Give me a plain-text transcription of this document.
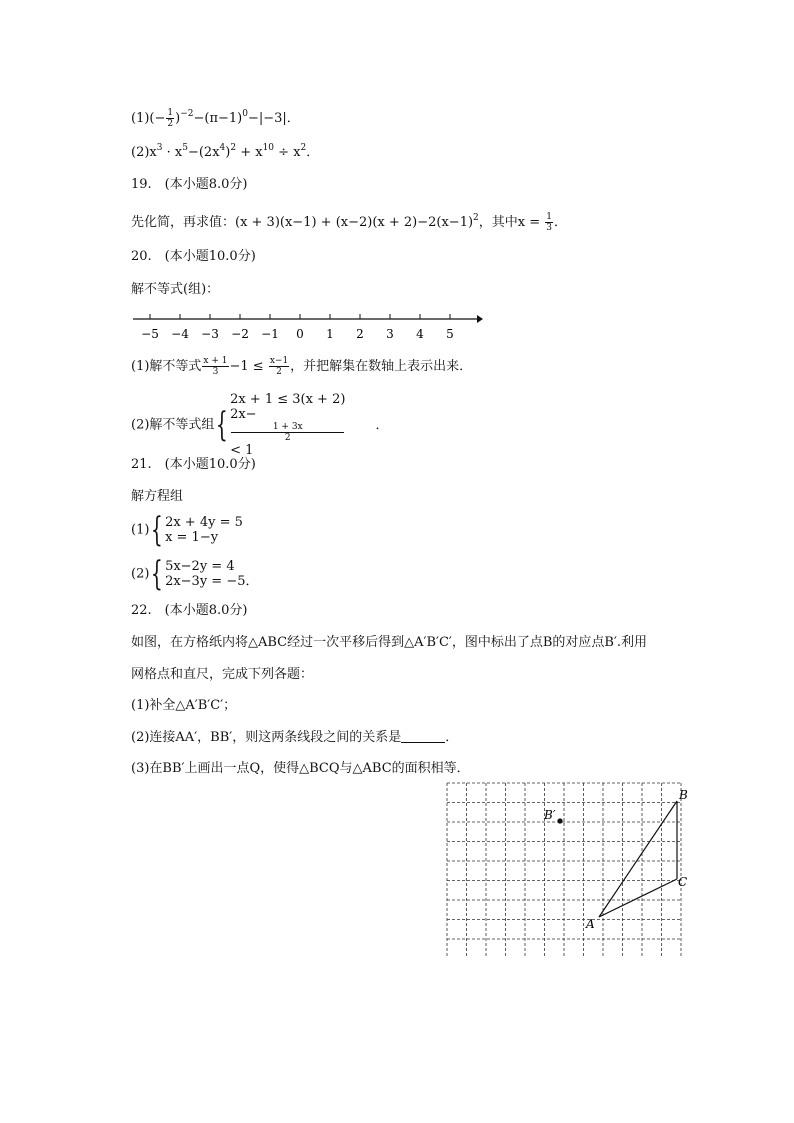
$(1)(- \frac{1}{2} )^{-2}-(\pi-1)^0-|-3|$．
$(2)x^3 \cdot x^5-(2x^4)^2 + x^{10} \div x^2$．
19.　(本小题8.0分)
先化简，再求值：$(x + 3)(x-1) + (x-2)(x + 2)-2(x-1)^2$，其中$x = \frac{1}{3}$ ．
20.　(本小题10.0分)
解不等式(组)：
−5 −4 −3 −2 −1 0 1 2 3 4 5
(1)解不等式 $\frac{x + 1}{3} -1 \le \frac{x-1}{2}$ ，并把解集在数轴上表示出来．
(2)解不等式组{
2x + 1 ≤ 3(x + 2)
2x−
1 + 3x
2
< 1
．
21.　(本小题10.0分)
解方程组
(1){ 2x + 4y = 5
x = 1−y
(2){ 5x−2y = 4
2x−3y = −5．
22.　(本小题8.0分)
如图，在方格纸内将△ABC经过一次平移后得到△A′B′C′，图中标出了点B的对应点B′.利用
网格点和直尺，完成下列各题：
(1)补全△A′B′C′；
(2)连接AA′，BB′，则这两条线段之间的关系是	．
(3)在BB′上画出一点Q，使得△BCQ与△ABC的面积相等．
B
C
A
B′
